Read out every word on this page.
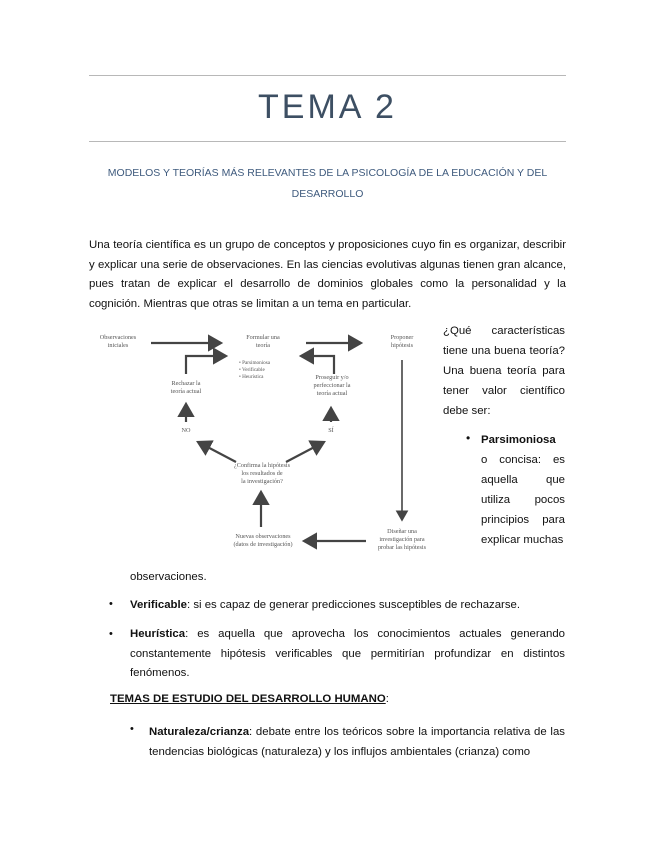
TEMA 2
MODELOS Y TEORÍAS MÁS RELEVANTES DE LA PSICOLOGÍA DE LA EDUCACIÓN Y DEL
DESARROLLO
Una teoría científica es un grupo de conceptos y proposiciones cuyo fin es organizar, describir y explicar una serie de observaciones. En las ciencias evolutivas algunas tienen gran alcance, pues tratan de explicar el desarrollo de dominios globales como la personalidad y la cognición. Mientras que otras se limitan a un tema en particular.
Observaciones
iniciales
Formular una
teoría
• Parsimoniosa
• Verificable
• Heurística
Proponer
hipótesis
Rechazar la
teoría actual
Proseguir y/o
perfeccionar la
teoría actual
NO	SÍ
¿Confirma la hipótesis
los resultados de
la investigación?
Nuevas observaciones
(datos de investigación)
Diseñar una
investigación para
probar las hipótesis

¿Qué características tiene una buena teoría? Una buena teoría para tener valor científico debe ser:

• Parsimoniosa o concisa: es aquella que utiliza pocos principios para explicar muchas
observaciones.
• Verificable: si es capaz de generar predicciones susceptibles de rechazarse.
• Heurística: es aquella que aprovecha los conocimientos actuales generando constantemente hipótesis verificables que permitirían profundizar en distintos fenómenos.
TEMAS DE ESTUDIO DEL DESARROLLO HUMANO:
• Naturaleza/crianza: debate entre los teóricos sobre la importancia relativa de las tendencias biológicas (naturaleza) y los influjos ambientales (crianza) como
